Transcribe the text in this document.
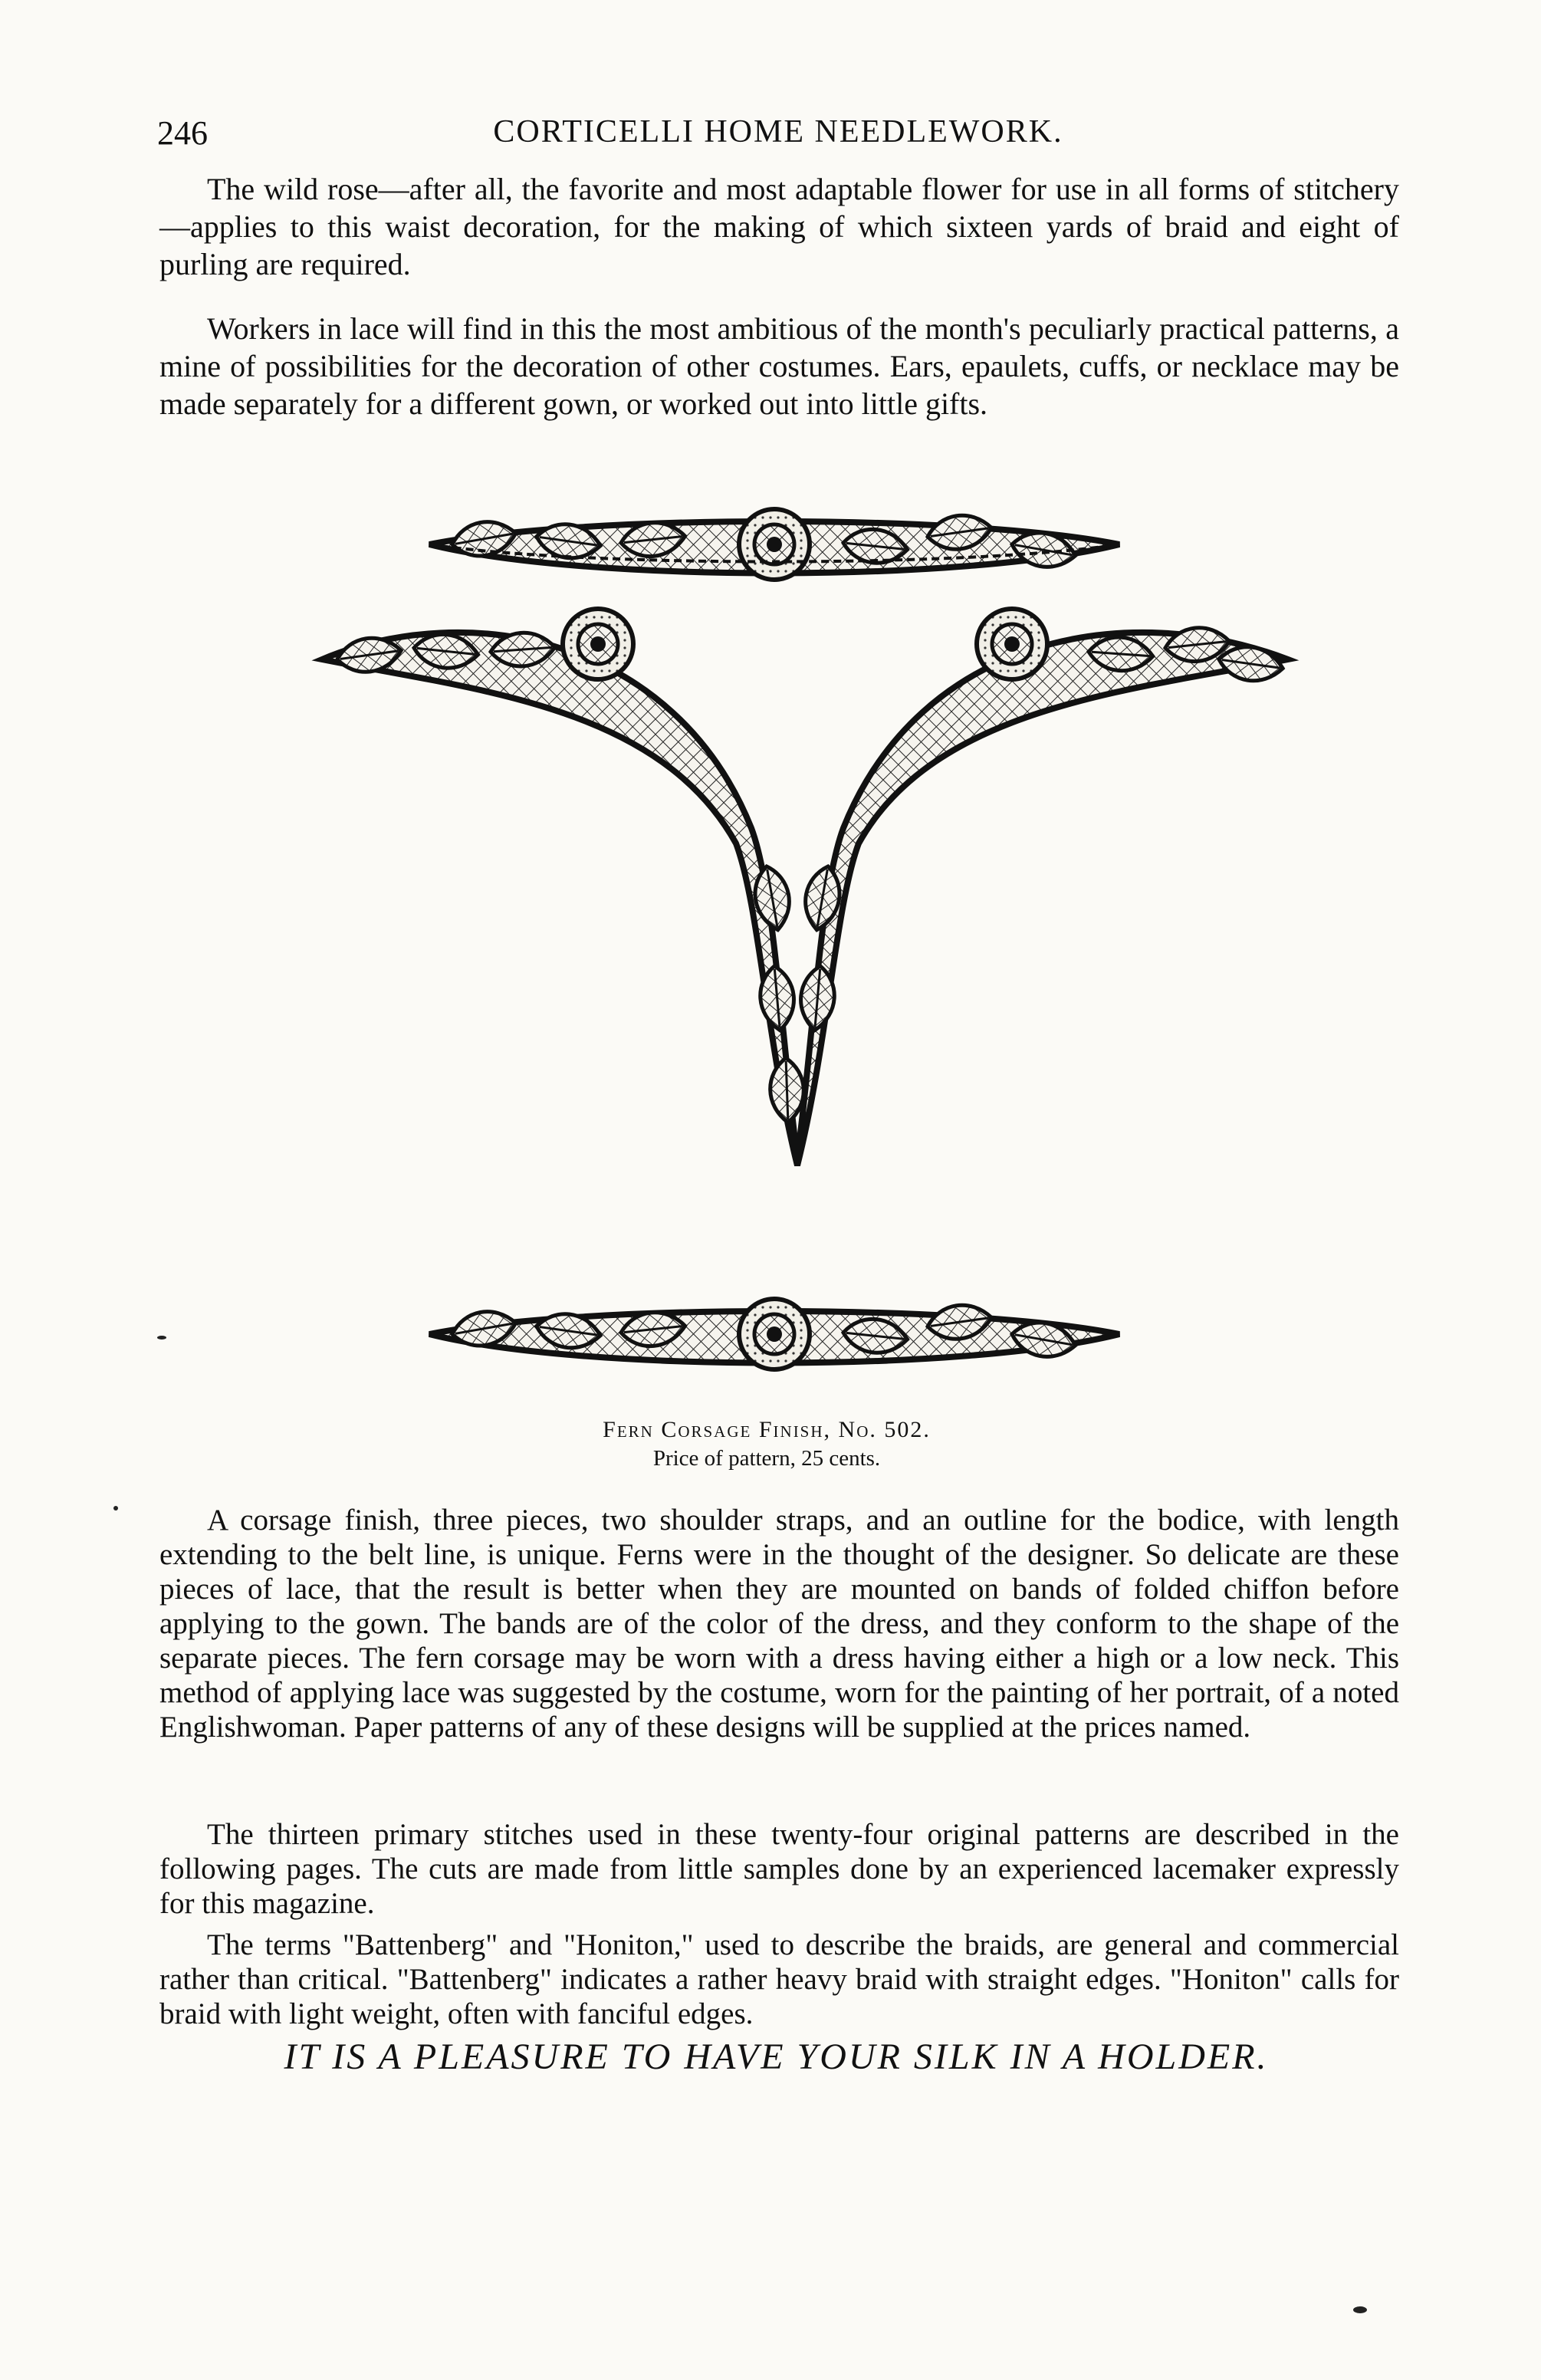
246	CORTICELLI HOME NEEDLEWORK.

The wild rose—after all, the favorite and most adaptable flower for use in all forms of stitchery—applies to this waist decoration, for the making of which sixteen yards of braid and eight of purling are required.

Workers in lace will find in this the most ambitious of the month's peculiarly practical patterns, a mine of possibilities for the decoration of other costumes. Ears, epaulets, cuffs, or necklace may be made separately for a different gown, or worked out into little gifts.

Fern Corsage Finish, No. 502.
Price of pattern, 25 cents.

A corsage finish, three pieces, two shoulder straps, and an outline for the bodice, with length extending to the belt line, is unique. Ferns were in the thought of the designer. So delicate are these pieces of lace, that the result is better when they are mounted on bands of folded chiffon before applying to the gown. The bands are of the color of the dress, and they conform to the shape of the separate pieces. The fern corsage may be worn with a dress having either a high or a low neck. This method of applying lace was suggested by the costume, worn for the painting of her portrait, of a noted Englishwoman. Paper patterns of any of these designs will be supplied at the prices named.

The thirteen primary stitches used in these twenty-four original patterns are described in the following pages. The cuts are made from little samples done by an experienced lacemaker expressly for this magazine.

The terms "Battenberg" and "Honiton," used to describe the braids, are general and commercial rather than critical. "Battenberg" indicates a rather heavy braid with straight edges. "Honiton" calls for braid with light weight, often with fanciful edges.

IT IS A PLEASURE TO HAVE YOUR SILK IN A HOLDER.
